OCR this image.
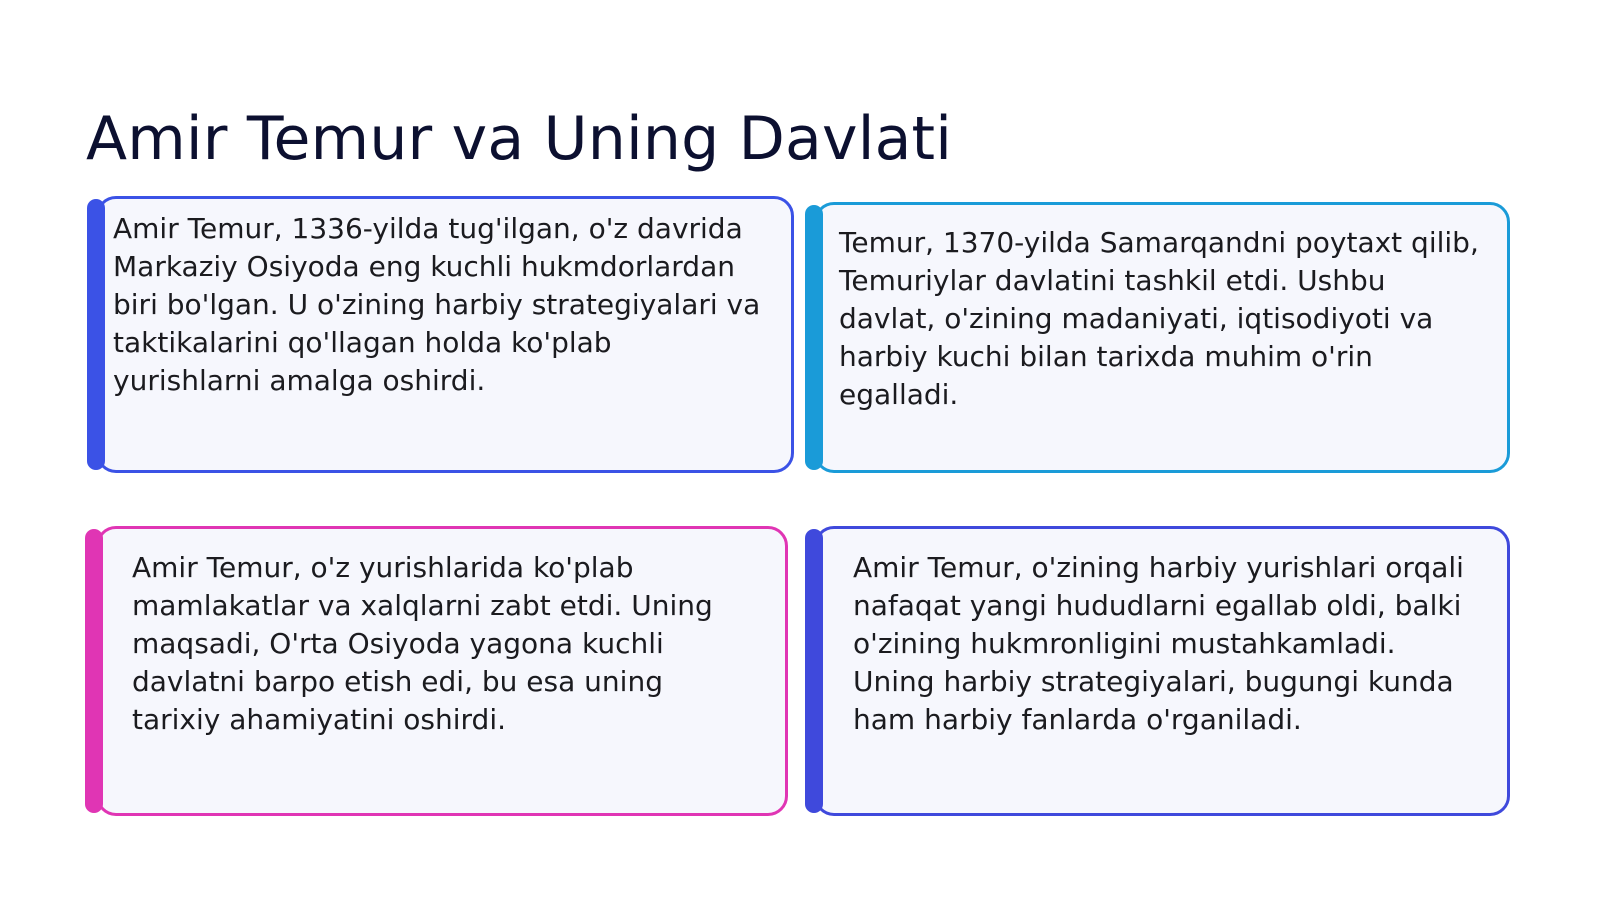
Amir Temur va Uning Davlati

Amir Temur, 1336-yilda tug'ilgan, o'z davrida
Markaziy Osiyoda eng kuchli hukmdorlardan
biri bo'lgan. U o'zining harbiy strategiyalari va
taktikalarini qo'llagan holda ko'plab
yurishlarni amalga oshirdi.

Temur, 1370-yilda Samarqandni poytaxt qilib,
Temuriylar davlatini tashkil etdi. Ushbu
davlat, o'zining madaniyati, iqtisodiyoti va
harbiy kuchi bilan tarixda muhim o'rin
egalladi.

Amir Temur, o'z yurishlarida ko'plab
mamlakatlar va xalqlarni zabt etdi. Uning
maqsadi, O'rta Osiyoda yagona kuchli
davlatni barpo etish edi, bu esa uning
tarixiy ahamiyatini oshirdi.

Amir Temur, o'zining harbiy yurishlari orqali
nafaqat yangi hududlarni egallab oldi, balki
o'zining hukmronligini mustahkamladi.
Uning harbiy strategiyalari, bugungi kunda
ham harbiy fanlarda o'rganiladi.
